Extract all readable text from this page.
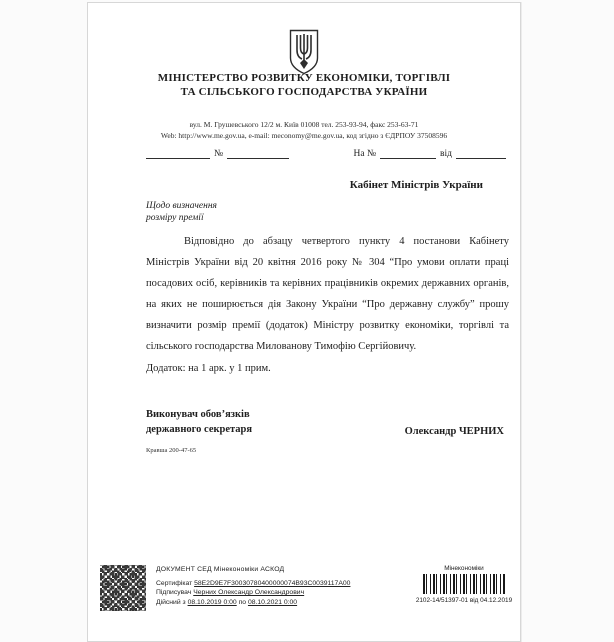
МІНІСТЕРСТВО РОЗВИТКУ ЕКОНОМІКИ, ТОРГІВЛІ
ТА СІЛЬСЬКОГО ГОСПОДАРСТВА УКРАЇНИ
вул. М. Грушевського 12/2 м. Київ 01008 тел. 253-93-94, факс 253-63-71
Web: http://www.me.gov.ua, e-mail: meconomy@me.gov.ua, код згідно з ЄДРПОУ 37508596
№	На №	від
Кабінет Міністрів України
Щодо визначення
розміру премії
Відповідно до абзацу четвертого пункту 4 постанови Кабінету Міністрів України від 20 квітня 2016 року № 304 “Про умови оплати праці посадових осіб, керівників та керівних працівників окремих державних органів, на яких не поширюється дія Закону України “Про державну службу” прошу визначити розмір премії (додаток) Міністру розвитку економіки, торгівлі та сільського господарства Милованову Тимофію Сергійовичу.
Додаток: на 1 арк. у 1 прим.
Виконувач обов’язків
державного секретаря	Олександр ЧЕРНИХ
Кравша 200-47-65
ДОКУМЕНТ СЕД Мінекономіки АСКОД
Сертифікат 58E2D9E7F30030780400000074B93C0039117A00
Підписувач Черних Олександр Олександрович
Дійсний з 08.10.2019 0:00 по 08.10.2021 0:00
Мінекономіки
2102-14/51397-01 від 04.12.2019
